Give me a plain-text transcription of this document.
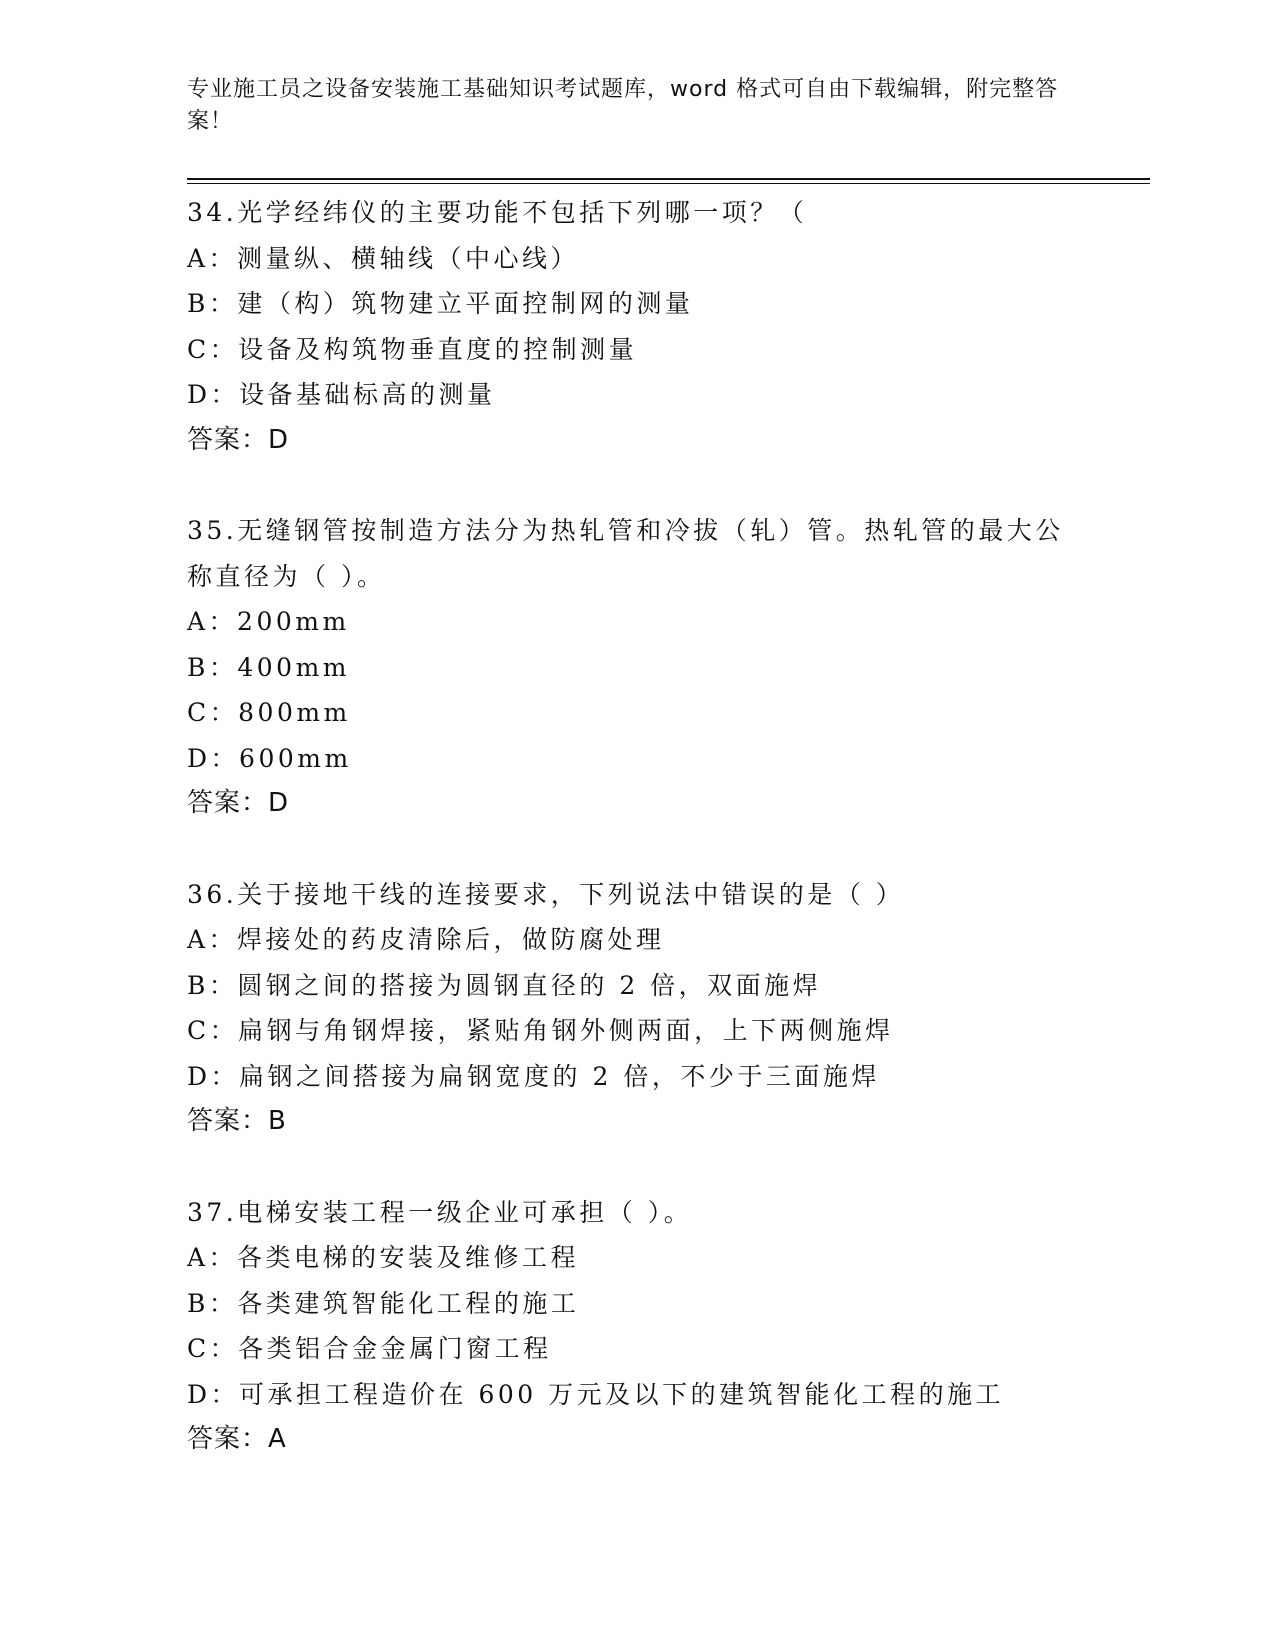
专业施工员之设备安装施工基础知识考试题库，word 格式可自由下载编辑，附完整答案！

34.光学经纬仪的主要功能不包括下列哪一项？（

A：测量纵、横轴线（中心线）

B：建（构）筑物建立平面控制网的测量

C：设备及构筑物垂直度的控制测量

D：设备基础标高的测量

答案：D

35.无缝钢管按制造方法分为热轧管和冷拔（轧）管。热轧管的最大公称直径为（ ）。

A：200mm

B：400mm

C：800mm

D：600mm

答案：D

36.关于接地干线的连接要求，下列说法中错误的是（ ）

A：焊接处的药皮清除后，做防腐处理

B：圆钢之间的搭接为圆钢直径的 2 倍，双面施焊

C：扁钢与角钢焊接，紧贴角钢外侧两面，上下两侧施焊

D：扁钢之间搭接为扁钢宽度的 2 倍，不少于三面施焊

答案：B

37.电梯安装工程一级企业可承担（ ）。

A：各类电梯的安装及维修工程

B：各类建筑智能化工程的施工

C：各类铝合金金属门窗工程

D：可承担工程造价在 600 万元及以下的建筑智能化工程的施工

答案：A
